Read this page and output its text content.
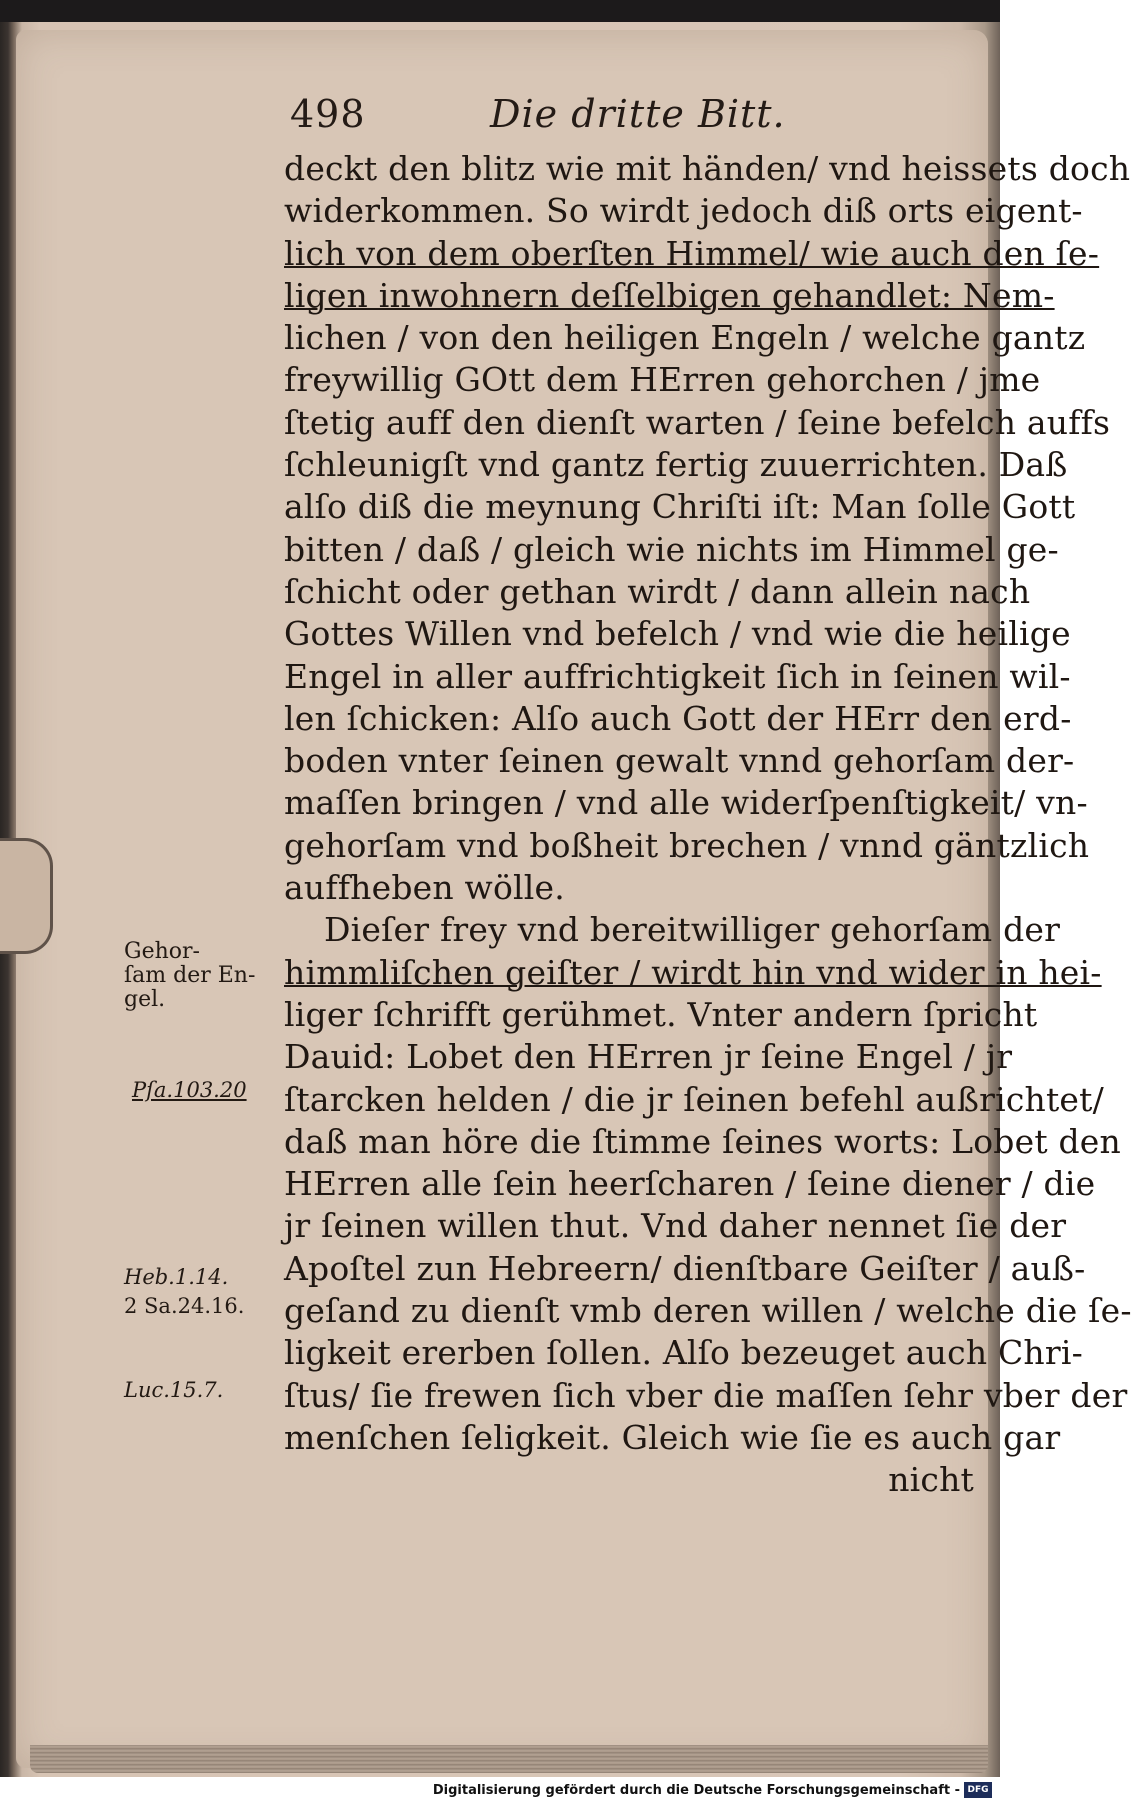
498	Die dritte Bitt.
deckt den blitz wie mit händen/ vnd heissets doch
widerkommen. So wirdt jedoch diß orts eigent-
lich von dem oberſten Himmel/ wie auch den ſe-
ligen inwohnern deſſelbigen gehandlet: Nem-
lichen / von den heiligen Engeln / welche gantz
freywillig GOtt dem HErren gehorchen / jme
ſtetig auff den dienſt warten / ſeine befelch auffs
ſchleunigſt vnd gantz fertig zuuerrichten. Daß
alſo diß die meynung Chriſti iſt: Man ſolle Gott
bitten / daß / gleich wie nichts im Himmel ge-
ſchicht oder gethan wirdt / dann allein nach
Gottes Willen vnd befelch / vnd wie die heilige
Engel in aller auffrichtigkeit ſich in ſeinen wil-
len ſchicken: Alſo auch Gott der HErr den erd-
boden vnter ſeinen gewalt vnnd gehorſam der-
maſſen bringen / vnd alle widerſpenſtigkeit/ vn-
gehorſam vnd boßheit brechen / vnnd gäntzlich
auffheben wölle.
Dieſer frey vnd bereitwilliger gehorſam der
himmliſchen geiſter / wirdt hin vnd wider in hei-
liger ſchrifft gerühmet. Vnter andern ſpricht
Dauid: Lobet den HErren jr ſeine Engel / jr
ſtarcken helden / die jr ſeinen befehl außrichtet/
daß man höre die ſtimme ſeines worts: Lobet den
HErren alle ſein heerſcharen / ſeine diener / die
jr ſeinen willen thut. Vnd daher nennet ſie der
Apoſtel zun Hebreern/ dienſtbare Geiſter / auß-
geſand zu dienſt vmb deren willen / welche die ſe-
ligkeit ererben ſollen. Alſo bezeuget auch Chri-
ſtus/ ſie frewen ſich vber die maſſen ſehr vber der
menſchen ſeligkeit. Gleich wie ſie es auch gar
nicht
Gehor-
ſam der En-
gel.
Pſa.103.20
Heb.1.14.
2 Sa.24.16.
Luc.15.7.
Digitalisierung gefördert durch die Deutsche Forschungsgemeinschaft - DFG
